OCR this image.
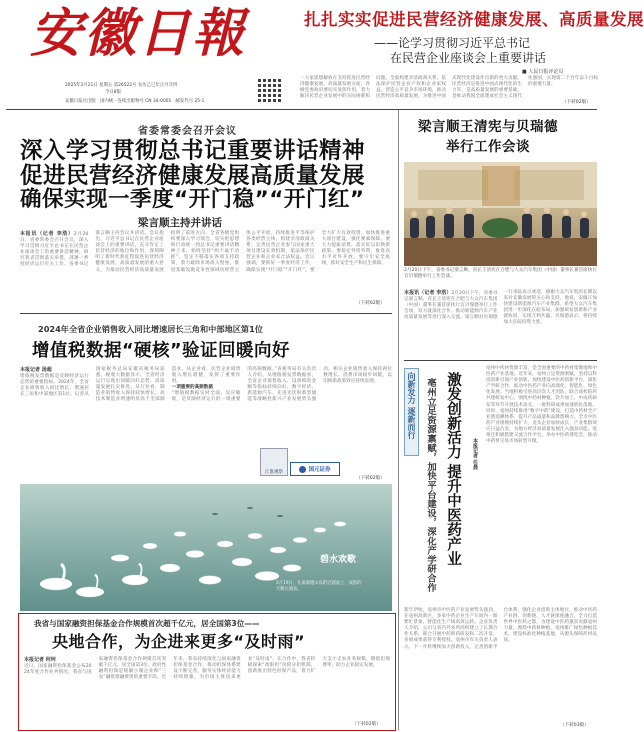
安徽日報
2025年2月21日 星期五 第26522号 农历乙巳年正月廿四
今日8版
安徽日报社出版 国内统一连续出版物号 CN 34-0001 邮发代号 25-1
扎扎实实促进民营经济健康发展、高质量发展
——论学习贯彻习近平总书记
在民营企业座谈会上重要讲话
■ 人民日报评论员
一大家思想解放在支持促进民营经济健康发展、高质量发展方面，各级党委政府要切实发挥作用，着力解决民营企业发展中的实际困难和问题，全面构建亲清政商关系，依法保护民营企业产权和企业家权益，营造公平竞争市场环境，推动民营经济高质量发展，为推进中国式现代化建设作出新的更大贡献。民营经济是推进中国式现代化的生力军，是高质量发展的重要基础，是推动我国全面建成社会主义现代化强国、实现第二个百年奋斗目标的重要力量。
（下转02版）
省委常委会召开会议
深入学习贯彻总书记重要讲话精神
促进民营经济健康发展高质量发展
确保实现一季度“开门稳”“开门红”
梁言顺主持并讲话
本报讯（记者 李浩）2月20日，省委常委会召开会议，深入学习贯彻习近平总书记在民营企业座谈会上的重要讲话精神，研究我省贯彻落实举措，部署一季度经济运行有关工作。省委书记梁言顺主持会议并讲话。会议指出，习近平总书记在民营企业座谈会上的重要讲话，充分肯定了民营经济的地位和作用，深刻阐明了新时代新征程促进民营经济健康发展、高质量发展的重大意义，为推动民营经济高质量发展指明了前进方向。全省各级党组织要深入学习领会，切实把思想和行动统一到总书记重要讲话精神上来，始终坚持“两个毫不动摇”，坚定不移落实各项支持政策，着力破除市场准入壁垒，推进基础设施竞争性领域向经营主体公平开放，持续推进平等保护各类经营主体，构建亲清政商关系，完善民营企业参与国家重大项目建设长效机制，依法保护民营企业和企业家合法权益。会议强调，要抓好一季度经济工作，确保实现“开门稳”“开门红”。要全力扩大有效投资，加快推进重大项目建设，强化要素保障。要大力提振消费，落实好以旧换新政策。要稳定外贸外资，推进高水平对外开放。要守牢安全底线，抓好安全生产和民生保障。
（下转02版）
2024年全省企业销售收入同比增速居长三角和中部地区第1位
增值税数据“硬核”验证回暖向好
本报记者 汤超
增值税发票数据是反映经济运行态势的重要指标。2024年，全省企业销售收入同比增长，增速居长三角和中部地区第1位。记者从国家税务总局安徽省税务局获悉，税收大数据显示，全省经济运行呈现出回暖向好态势，高质量发展扎实推进。从行业看，制造业销售收入保持较快增长，高技术制造业增速明显高于全部制造业。从企业看，民营企业销售收入增长稳健，发挥了重要作用。
一项重要的高频数据
“增值税数据实时全面、反应敏锐，是反映经济运行的一项重要的高频数据。”省税务局有关负责人介绍，从增值税发票数据看，全省企业销售收入、设备购进金额等指标持续向好。数字经济、新能源汽车、先进光伏和新型储能等战略性新兴产业发展势头强劲，相关企业销售收入保持两位数增长。消费市场稳步回暖，以旧换新政策效应持续显现。
江淮观察	国元证券
（下转02版）
碧水欢歌
2月19日，在巢湖姥山岛附近湖面上，成群的天鹅在嬉戏。
我省与国家融资担保基金合作规模首次超千亿元，居全国第3位——
央地合作，为企进来更多“及时雨”
本报记者 何珂
近日，国家融资担保基金公布2024年度合作业务情况，我省与国家融资担保基金合作规模首次突破千亿元，居全国第3位。政府性融资担保是缓解小微企业和“三农”融资难融资贵的重要手段。近年来，我省持续深化与国家融资担保基金合作，推动担保体系建设不断完善，服务实体经济能力持续增强，为市场主体送来更多“及时雨”。在合作中，我省积极探索“政银担”风险分担机制，创新推出特色担保产品，着力扩大支小支农业务规模，降低担保费率，助力企业稳定发展。
（下转02版）
梁言顺王清宪与贝瑞德
举行工作会谈
2月20日下午，省委书记梁言顺、省长王清宪在合肥与大众汽车集团（中国）董事长兼首席执行官贝瑞德举行工作会谈。
本报讯（记者 李浩）2月20日下午，省委书记梁言顺、省长王清宪在合肥与大众汽车集团（中国）董事长兼首席执行官贝瑞德举行工作会谈，双方就深化合作、推动新能源汽车产业高质量发展等进行深入交流。梁言顺对贝瑞德一行来皖表示欢迎，感谢大众汽车集团长期以来对安徽发展的关心和支持。他说，安徽正加快建设新能源汽车产业集群，希望大众汽车集团进一步深化在皖布局，加强研发创新和产业链协同，实现互利共赢。贝瑞德表示，将持续加大在皖投资力度。
向新发力 逐新而行 激发创新活力 提升中医药产业
亳州立足资源禀赋，加快平台建设，深化产学研合作	本报记者 任晨
亳州中药材资源丰富，是全国重要的中药材集散地和中医药产业基地。近年来，亳州立足资源禀赋，坚持以科技创新引领产业创新，加快建设中医药创新平台，深化产学研合作，推动中医药产业向高端化、智能化、绿色化发展。当地积极引进高层次人才团队，联合高校院所共建研发中心，围绕中药材种植、饮片加工、中成药研发等环节开展技术攻关，一批科研成果加速转化落地。同时，亳州持续推进“数字中药”建设，打造中药材全产业链追溯体系，提升产品质量和品牌影响力。全市中医药产业规模持续扩大，龙头企业加快成长，产业集群效应日益凸显，为地方经济高质量发展注入强劲动能。亳州还积极搭建交流合作平台，举办中医药博览会，推动中药材交易市场转型升级。
新年伊始，亳州市中医药产业发展势头强劲。在亳州高新区，多家中药企业生产车间内一派繁忙景象，智能化生产线高效运转。企业负责人介绍，公司与省内外多所高校建立了长期合作关系，联合开展中药新药研发和二次开发，多项成果获得专利授权。亳州市有关负责人表示，下一步将继续加大创新投入，完善创新平台体系，强化企业创新主体地位，推动中医药产业链、创新链、人才链深度融合，全力打造世界中医药之都，为建设中医药强省贡献亳州力量。围绕中药材种植，亳州推广绿色种植技术，建设标准化种植基地，从源头保障药材品质。
（下转03版）
